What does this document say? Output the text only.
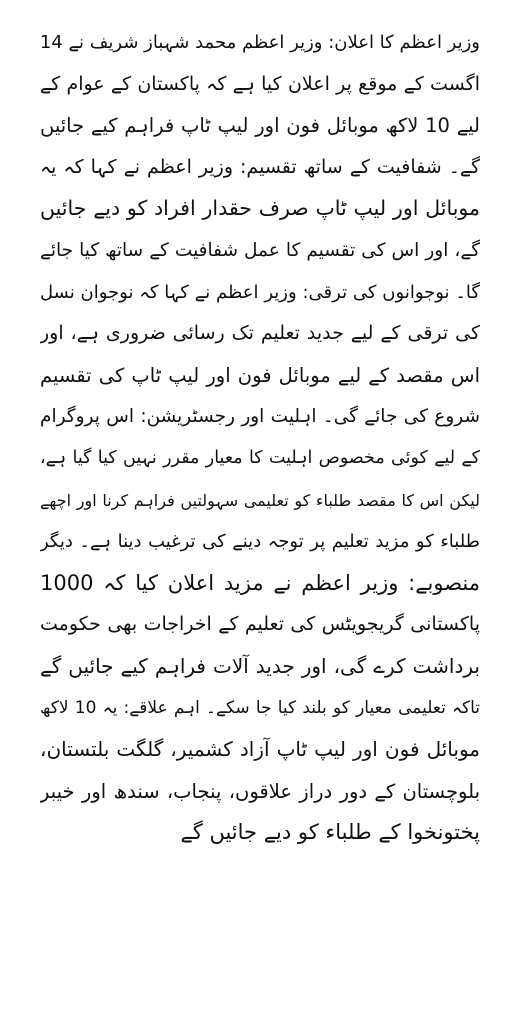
وزیر اعظم کا اعلان: وزیر اعظم محمد شہباز شریف نے 14
اگست کے موقع پر اعلان کیا ہے کہ پاکستان کے عوام کے
لیے 10 لاکھ موبائل فون اور لیپ ٹاپ فراہم کیے جائیں
گے۔ شفافیت کے ساتھ تقسیم: وزیر اعظم نے کہا کہ یہ
موبائل اور لیپ ٹاپ صرف حقدار افراد کو دیے جائیں
گے، اور اس کی تقسیم کا عمل شفافیت کے ساتھ کیا جائے
گا۔ نوجوانوں کی ترقی: وزیر اعظم نے کہا کہ نوجوان نسل
کی ترقی کے لیے جدید تعلیم تک رسائی ضروری ہے، اور
اس مقصد کے لیے موبائل فون اور لیپ ٹاپ کی تقسیم
شروع کی جائے گی۔ اہلیت اور رجسٹریشن: اس پروگرام
کے لیے کوئی مخصوص اہلیت کا معیار مقرر نہیں کیا گیا ہے،
لیکن اس کا مقصد طلباء کو تعلیمی سہولتیں فراہم کرنا اور اچھے
طلباء کو مزید تعلیم پر توجہ دینے کی ترغیب دینا ہے۔ دیگر
منصوبے: وزیر اعظم نے مزید اعلان کیا کہ 1000
پاکستانی گریجویٹس کی تعلیم کے اخراجات بھی حکومت
برداشت کرے گی، اور جدید آلات فراہم کیے جائیں گے
تاکہ تعلیمی معیار کو بلند کیا جا سکے۔ اہم علاقے: یہ 10 لاکھ
موبائل فون اور لیپ ٹاپ آزاد کشمیر، گلگت بلتستان،
بلوچستان کے دور دراز علاقوں، پنجاب، سندھ اور خیبر
پختونخوا کے طلباء کو دیے جائیں گے
